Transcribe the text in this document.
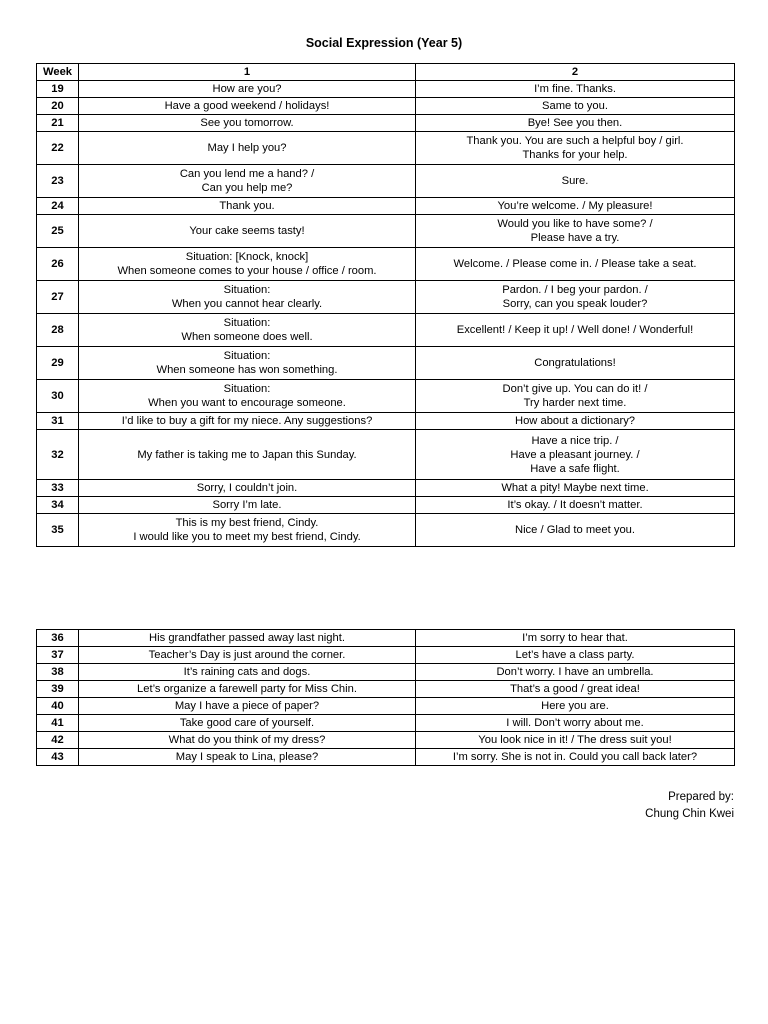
Social Expression (Year 5)
Week	1	2
19	How are you?	I’m fine. Thanks.

20	Have a good weekend / holidays!	Same to you.

21	See you tomorrow.	Bye! See you then.

22	May I help you?	Thank you. You are such a helpful boy / girl.
Thanks for your help.

23	Can you lend me a hand? /
Can you help me?	Sure.

24	Thank you.	You’re welcome. / My pleasure!

25	Your cake seems tasty!	Would you like to have some? /
Please have a try.

26	Situation: [Knock, knock]
When someone comes to your house / office / room.	Welcome. / Please come in. / Please take a seat.

27	Situation:
When you cannot hear clearly.	Pardon. / I beg your pardon. /
Sorry, can you speak louder?

28	Situation:
When someone does well.	Excellent! / Keep it up! / Well done! / Wonderful!

29	Situation:
When someone has won something.	Congratulations!

30	Situation:
When you want to encourage someone.	Don’t give up. You can do it! /
Try harder next time.

31	I’d like to buy a gift for my niece. Any suggestions?	How about a dictionary?

32	My father is taking me to Japan this Sunday.	Have a nice trip. /
Have a pleasant journey. /
Have a safe flight.

33	Sorry, I couldn’t join.	What a pity! Maybe next time.

34	Sorry I’m late.	It’s okay. / It doesn’t matter.

35	This is my best friend, Cindy.
I would like you to meet my best friend, Cindy.	Nice / Glad to meet you.
36	His grandfather passed away last night.	I’m sorry to hear that.

37	Teacher’s Day is just around the corner.	Let’s have a class party.

38	It’s raining cats and dogs.	Don’t worry. I have an umbrella.

39	Let’s organize a farewell party for Miss Chin.	That’s a good / great idea!

40	May I have a piece of paper?	Here you are.

41	Take good care of yourself.	I will. Don’t worry about me.

42	What do you think of my dress?	You look nice in it! / The dress suit you!

43	May I speak to Lina, please?	I’m sorry. She is not in. Could you call back later?
Prepared by:
Chung Chin Kwei
